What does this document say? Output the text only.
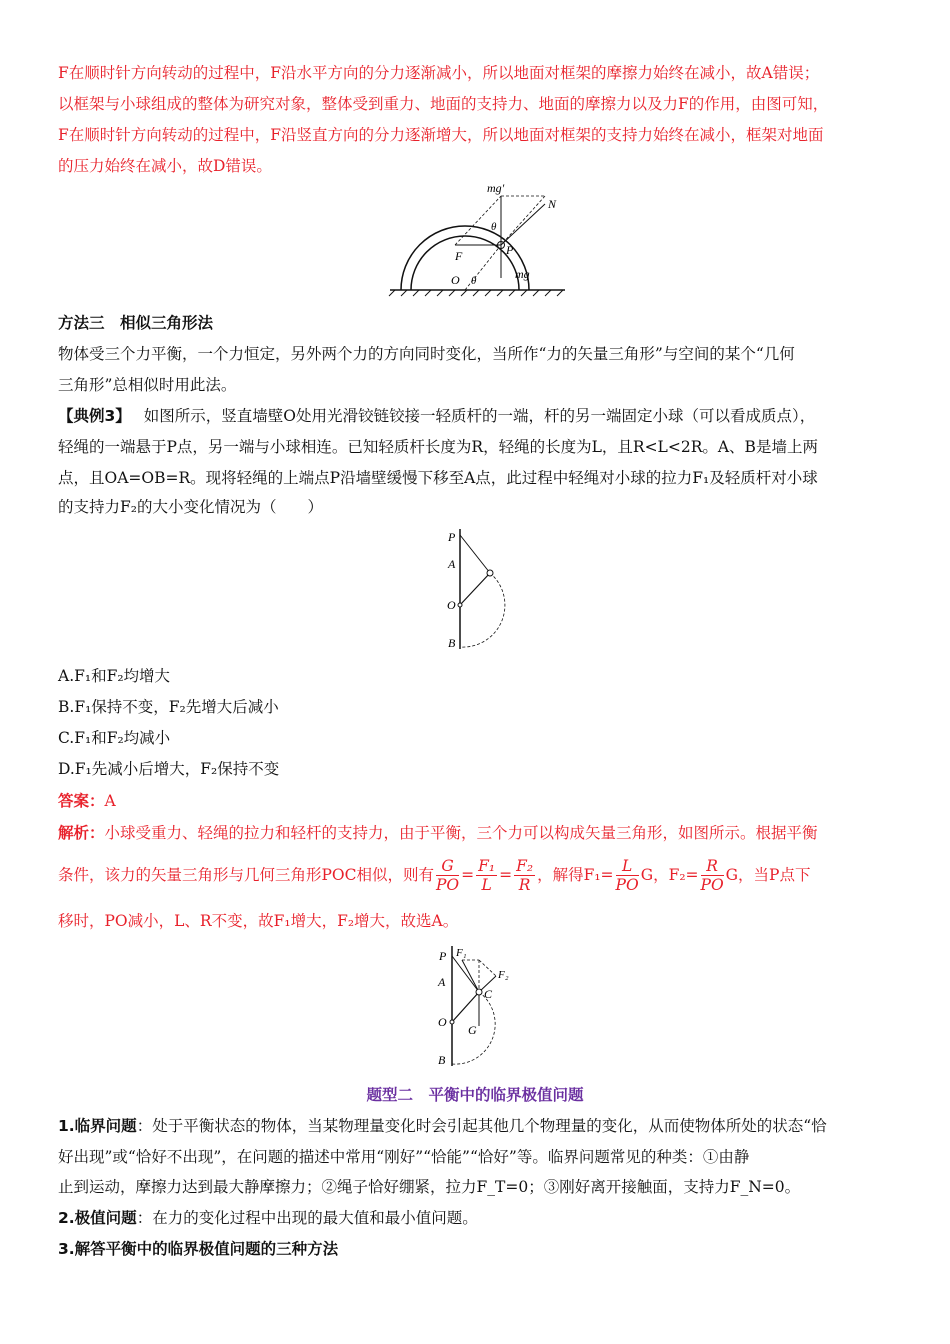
F在顺时针方向转动的过程中，F沿水平方向的分力逐渐减小，所以地面对框架的摩擦力始终在减小，故A错误；
以框架与小球组成的整体为研究对象，整体受到重力、地面的支持力、地面的摩擦力以及力F的作用，由图可知，
F在顺时针方向转动的过程中，F沿竖直方向的分力逐渐增大，所以地面对框架的支持力始终在减小，框架对地面
的压力始终在减小，故D错误。
mg′
N
θ
P
F
O θ	mg
方法三　相似三角形法
物体受三个力平衡，一个力恒定，另外两个力的方向同时变化，当所作“力的矢量三角形”与空间的某个“几何
三角形”总相似时用此法。
【典例3】 如图所示，竖直墙壁O处用光滑铰链铰接一轻质杆的一端，杆的另一端固定小球（可以看成质点），
轻绳的一端悬于P点，另一端与小球相连。已知轻质杆长度为R，轻绳的长度为L，且R<L<2R。A、B是墙上两
点，且OA=OB=R。现将轻绳的上端点P沿墙壁缓慢下移至A点，此过程中轻绳对小球的拉力F₁及轻质杆对小球
的支持力F₂的大小变化情况为（　　）
P
A
O
B
A.F₁和F₂均增大
B.F₁保持不变，F₂先增大后减小
C.F₁和F₂均减小
D.F₁先减小后增大，F₂保持不变
答案：A
解析：小球受重力、轻绳的拉力和轻杆的支持力，由于平衡，三个力可以构成矢量三角形，如图所示。根据平衡
条件，该力的矢量三角形与几何三角形POC相似，则有 $\frac{G}{PO} = \frac{\text{F₁}}{L} = \frac{\text{F₂}}{R}$ ，解得$F_1= \frac{L}{PO}$ G，$F_2= \frac{R}{PO}$ G，当P点下
移时，PO减小，L、R不变，故F₁增大，F₂增大，故选A。
P F₁
F₂
A
C
O
G
B
题型二　平衡中的临界极值问题
1.临界问题：处于平衡状态的物体，当某物理量变化时会引起其他几个物理量的变化，从而使物体所处的状态“恰
好出现”或“恰好不出现”，在问题的描述中常用“刚好”“恰能”“恰好”等。临界问题常见的种类：①由静
止到运动，摩擦力达到最大静摩擦力；②绳子恰好绷紧，拉力F_T=0；③刚好离开接触面，支持力F_N=0。
2.极值问题：在力的变化过程中出现的最大值和最小值问题。
3.解答平衡中的临界极值问题的三种方法
